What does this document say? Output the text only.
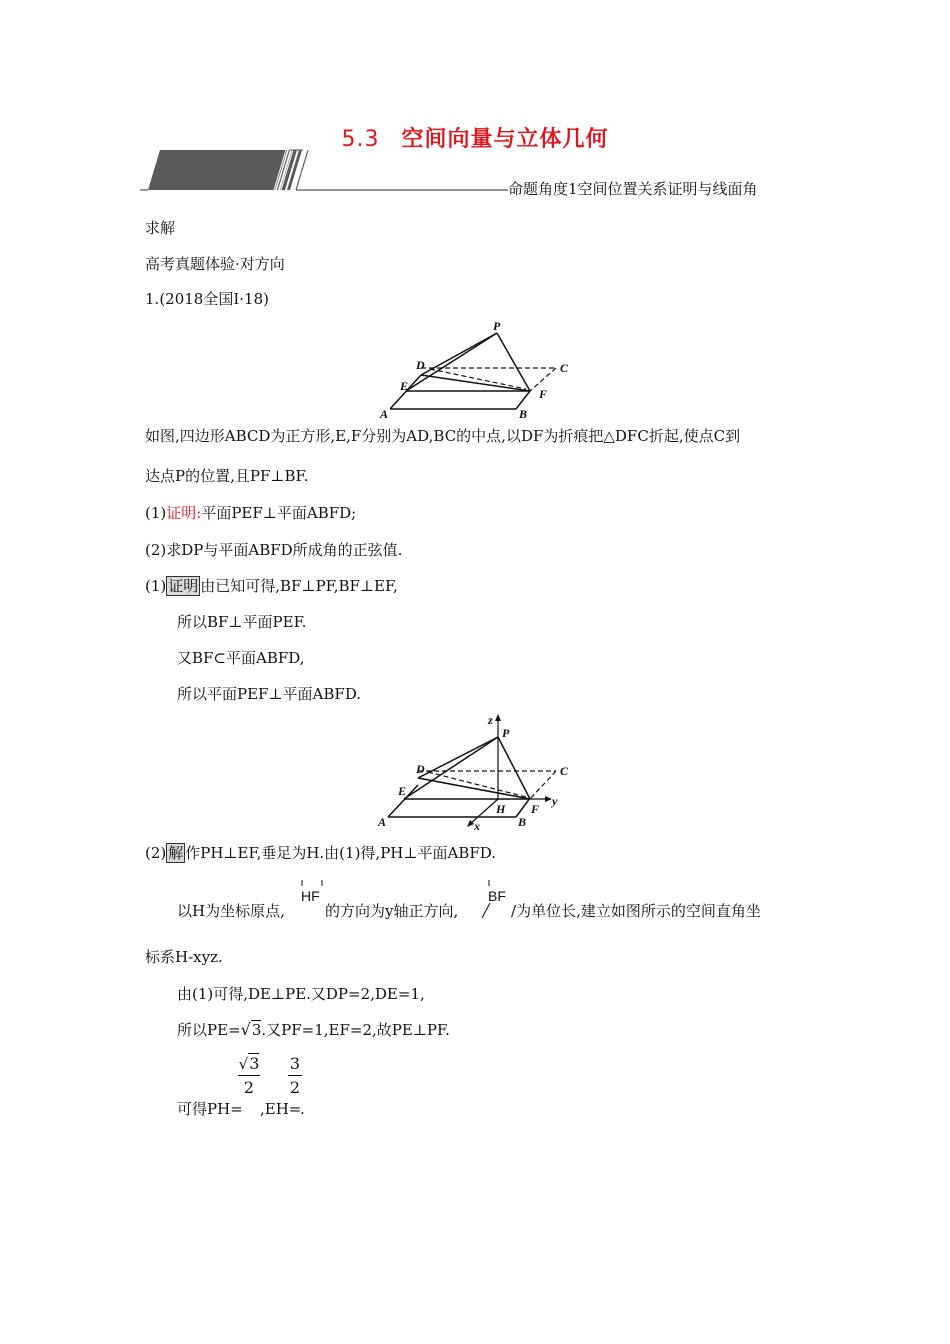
5.3 空间向量与立体几何
命题角度1空间位置关系证明与线面角
求解
高考真题体验·对方向
1.(2018全国Ⅰ·18)
P
D	C
E
F
A	B
如图,四边形ABCD为正方形,E,F分别为AD,BC的中点,以DF为折痕把△DFC折起,使点C到
达点P的位置,且PF⊥BF.
(1)证明:平面PEF⊥平面ABFD;
(2)求DP与平面ABFD所成角的正弦值.
(1) 证明 由已知可得,BF⊥PF,BF⊥EF,
所以BF⊥平面PEF.
又BF⊂平面ABFD,
所以平面PEF⊥平面ABFD.
z
P
D	C
E
H F
y
A	B
x
(2) 解 作PH⊥EF,垂足为H.由(1)得,PH⊥平面ABFD.
以H为坐标原点,
HF
的方向为y轴正方向,
BF
‖ /为单位长,建立如图所示的空间直角坐
标系H-xyz.
由(1)可得,DE⊥PE.又DP=2,DE=1,
所以PE=√3.又PF=1,EF=2,故PE⊥PF.
可得PH=
$\frac{√3}{2}$
,EH=
$\frac{3}{2}$
.
